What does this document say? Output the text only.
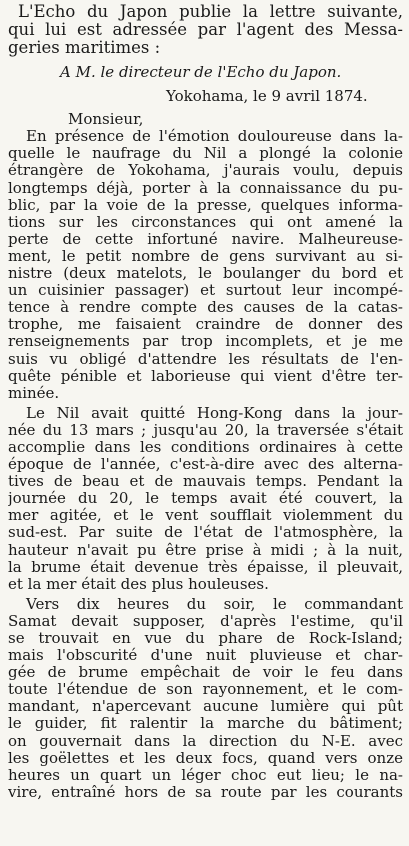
L'Echo du Japon publie la lettre suivante,
qui lui est adressée par l'agent des Messa-
geries maritimes :
A M. le directeur de l'Echo du Japon.
Yokohama, le 9 avril 1874.
Monsieur,
En présence de l'émotion douloureuse dans la-
quelle le naufrage du Nil a plongé la colonie
étrangère de Yokohama, j'aurais voulu, depuis
longtemps déjà, porter à la connaissance du pu-
blic, par la voie de la presse, quelques informa-
tions sur les circonstances qui ont amené la
perte de cette infortuné navire. Malheureuse-
ment, le petit nombre de gens survivant au si-
nistre (deux matelots, le boulanger du bord et
un cuisinier passager) et surtout leur incompé-
tence à rendre compte des causes de la catas-
trophe, me faisaient craindre de donner des
renseignements par trop incomplets, et je me
suis vu obligé d'attendre les résultats de l'en-
quête pénible et laborieuse qui vient d'être ter-
minée.
Le Nil avait quitté Hong-Kong dans la jour-
née du 13 mars ; jusqu'au 20, la traversée s'était
accomplie dans les conditions ordinaires à cette
époque de l'année, c'est-à-dire avec des alterna-
tives de beau et de mauvais temps. Pendant la
journée du 20, le temps avait été couvert, la
mer agitée, et le vent soufflait violemment du
sud-est. Par suite de l'état de l'atmosphère, la
hauteur n'avait pu être prise à midi ; à la nuit,
la brume était devenue très épaisse, il pleuvait,
et la mer était des plus houleuses.
Vers dix heures du soir, le commandant
Samat devait supposer, d'après l'estime, qu'il
se trouvait en vue du phare de Rock-Island;
mais l'obscurité d'une nuit pluvieuse et char-
gée de brume empêchait de voir le feu dans
toute l'étendue de son rayonnement, et le com-
mandant, n'apercevant aucune lumière qui pût
le guider, fit ralentir la marche du bâtiment;
on gouvernait dans la direction du N-E. avec
les goëlettes et les deux focs, quand vers onze
heures un quart un léger choc eut lieu; le na-
vire, entraîné hors de sa route par les courants
